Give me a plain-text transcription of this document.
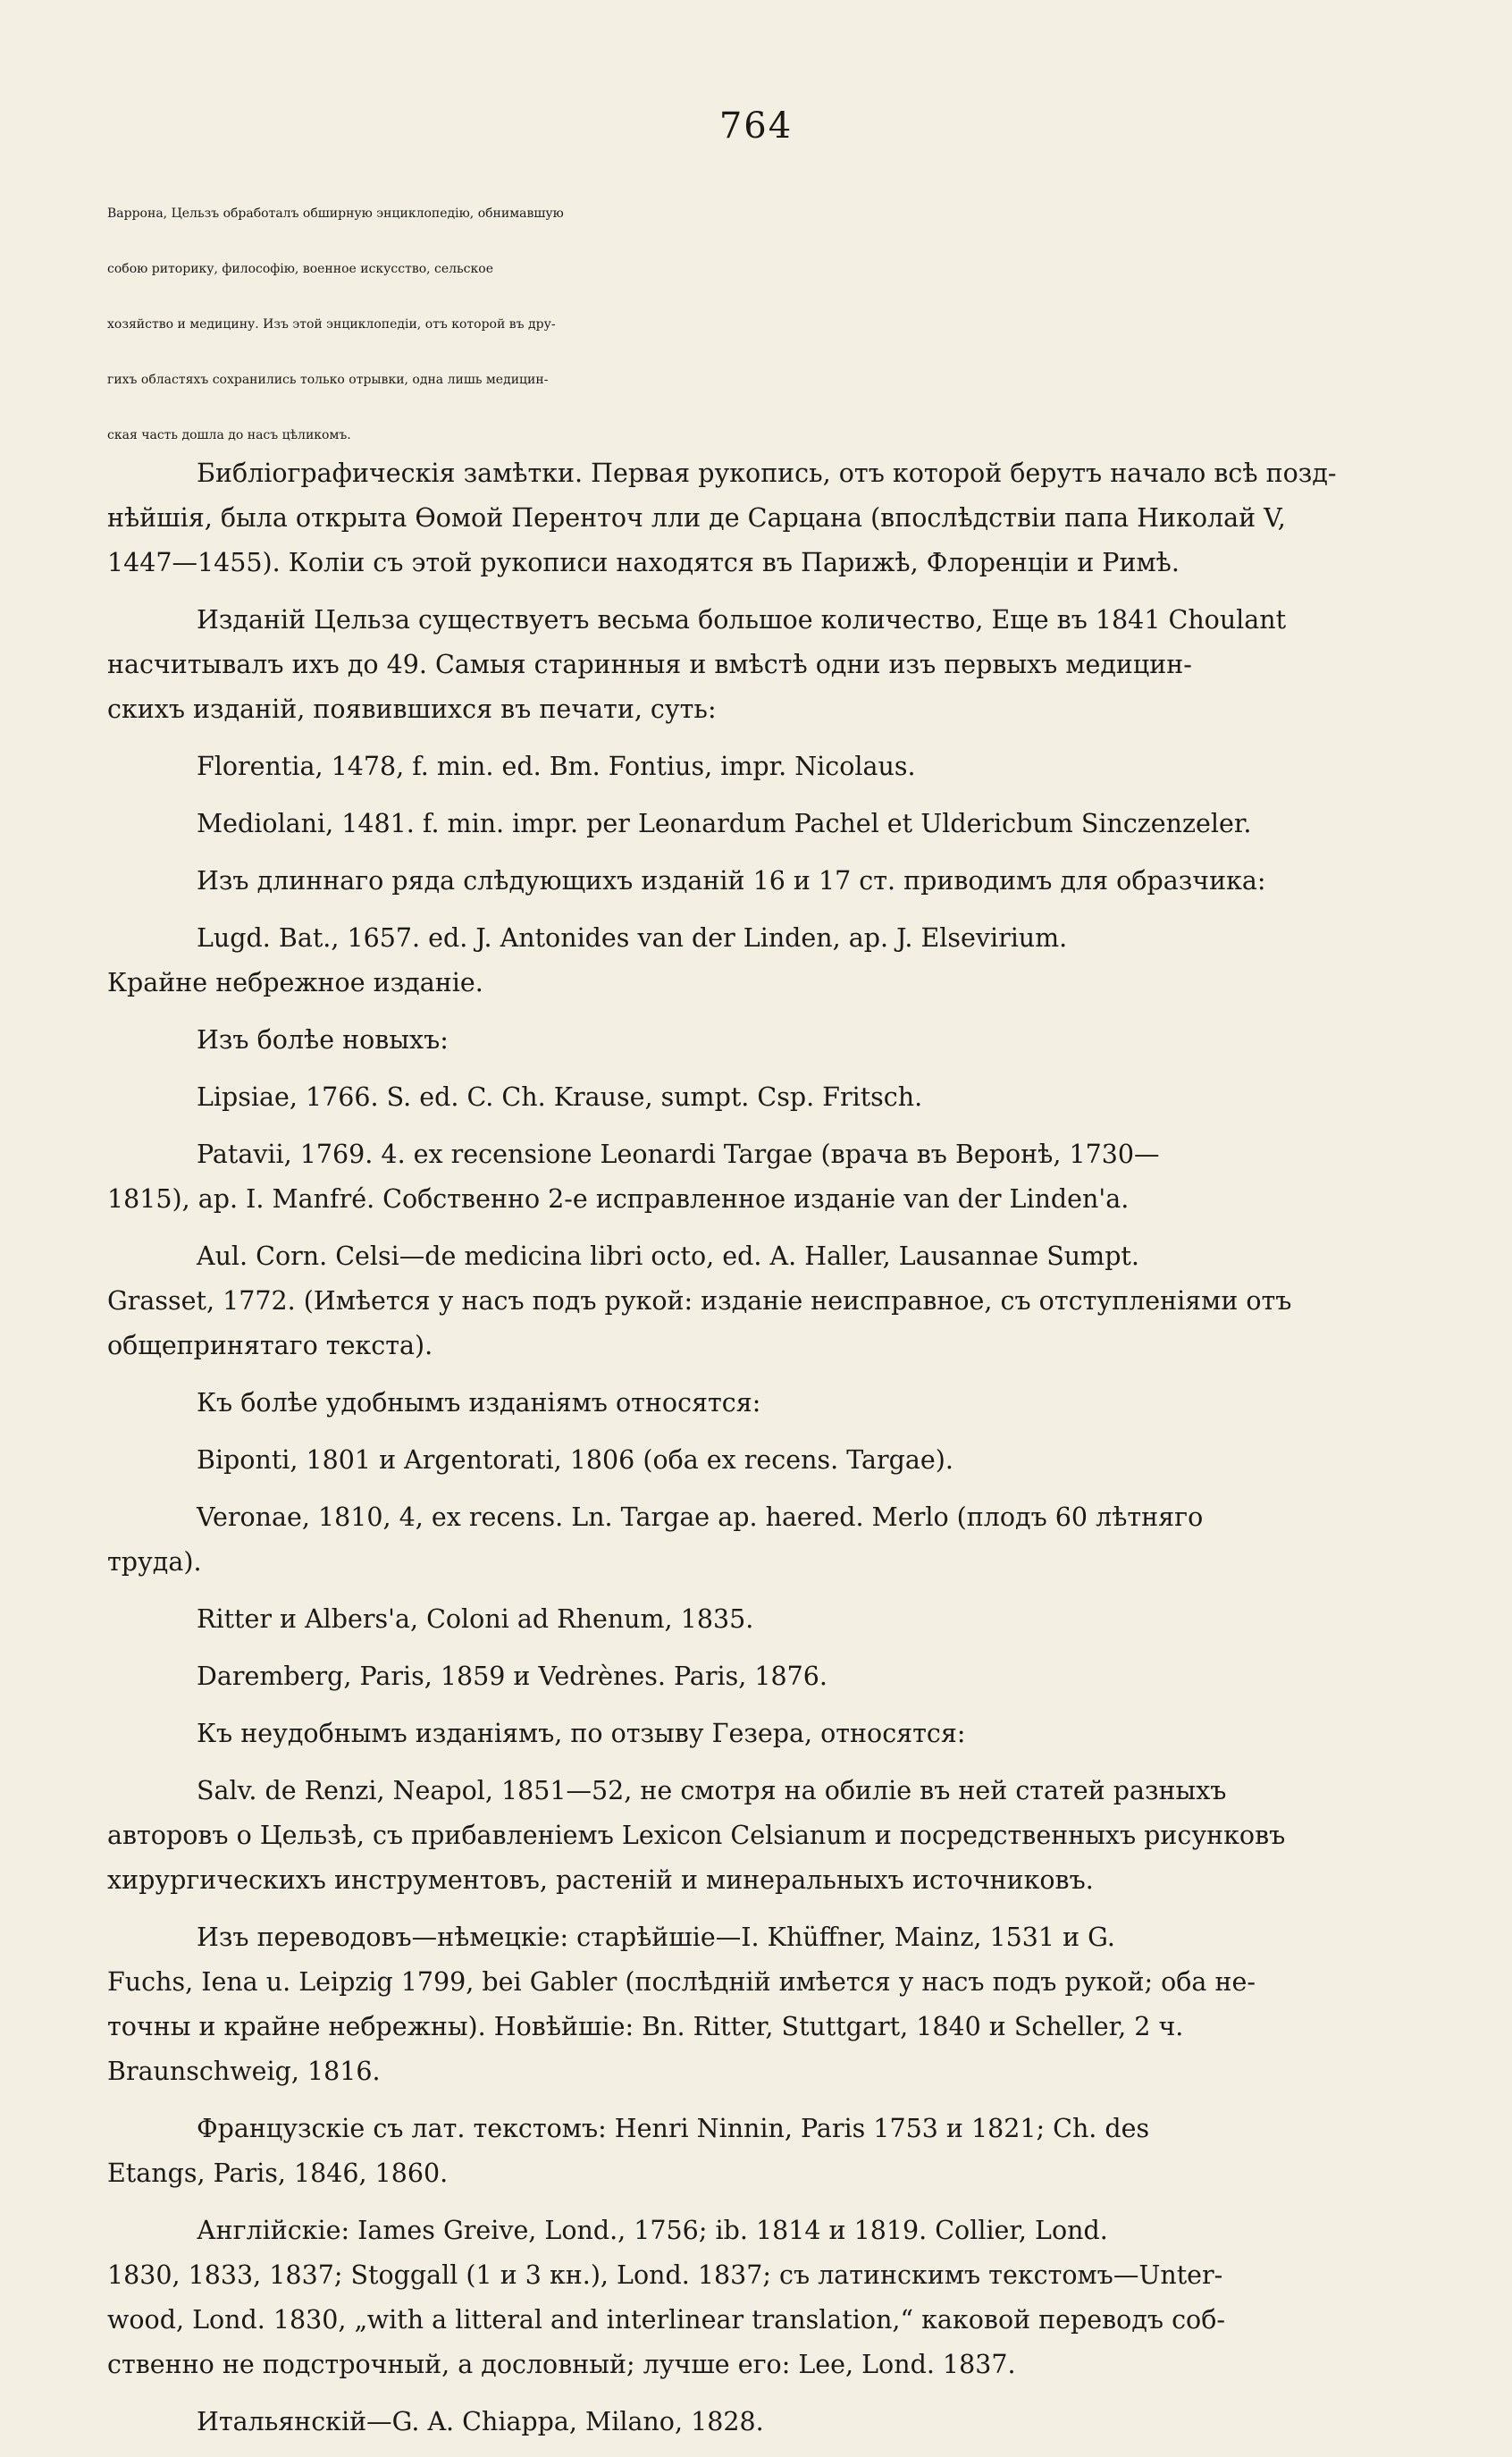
764
Варрона, Цельзъ обработалъ обширную энциклопедію, обнимавшую
собою риторику, философію, военное искусство, сельское
хозяйство и медицину. Изъ этой энциклопедіи, отъ которой въ дру-
гихъ областяхъ сохранились только отрывки, одна лишь медицин-
ская часть дошла до насъ цѣликомъ.

Библіографическія замѣтки. Первая рукопись, отъ которой берутъ начало всѣ позд-
нѣйшія, была открыта Ѳомой Перенточ лли де Сарцана (впослѣдствіи папа Николай V,
1447—1455). Коліи съ этой рукописи находятся въ Парижѣ, Флоренціи и Римѣ.

Изданій Цельза существуетъ весьма большое количество, Еще въ 1841 Choulant
насчитывалъ ихъ до 49. Самыя старинныя и вмѣстѣ одни изъ первыхъ медицин-
скихъ изданій, появившихся въ печати, суть:

Florentia, 1478, f. min. ed. Bm. Fontius, impr. Nicolaus.

Mediolani, 1481. f. min. impr. per Leonardum Pachel et Uldericbum Sinczenzeler.

Изъ длиннаго ряда слѣдующихъ изданій 16 и 17 ст. приводимъ для образчика:

Lugd. Bat., 1657. ed. J. Antonides van der Linden, ap. J. Elsevirium.
Крайне небрежное изданіе.

Изъ болѣе новыхъ:

Lipsiae, 1766. S. ed. C. Ch. Krause, sumpt. Csp. Fritsch.

Patavii, 1769. 4. ex recensione Leonardi Targae (врача въ Веронѣ, 1730—
1815), ap. I. Manfré. Собственно 2-е исправленное изданіе van der Linden'a.

Aul. Corn. Celsi—de medicina libri octo, ed. A. Haller, Lausannae Sumpt.
Grasset, 1772. (Имѣется у насъ подъ рукой: изданіе неисправное, съ отступленіями отъ
общепринятаго текста).

Къ болѣе удобнымъ изданіямъ относятся:

Biponti, 1801 и Argentorati, 1806 (оба ex recens. Targae).

Veronae, 1810, 4, ex recens. Ln. Targae ap. haered. Merlo (плодъ 60 лѣтняго
труда).

Ritter и Albers'a, Coloni ad Rhenum, 1835.

Daremberg, Paris, 1859 и Vedrènes. Paris, 1876.

Къ неудобнымъ изданіямъ, по отзыву Гезера, относятся:

Salv. de Renzi, Neapol, 1851—52, не смотря на обиліе въ ней статей разныхъ
авторовъ о Цельзѣ, съ прибавленіемъ Lexicon Celsianum и посредственныхъ рисунковъ
хирургическихъ инструментовъ, растеній и минеральныхъ источниковъ.

Изъ переводовъ—нѣмецкіе: старѣйшіе—I. Khüffner, Mainz, 1531 и G.
Fuchs, Iena u. Leipzig 1799, bei Gabler (послѣдній имѣется у насъ подъ рукой; оба не-
точны и крайне небрежны). Новѣйшіе: Bn. Ritter, Stuttgart, 1840 и Scheller, 2 ч.
Braunschweig, 1816.

Французскіе съ лат. текстомъ: Henri Ninnin, Paris 1753 и 1821; Ch. des
Etangs, Paris, 1846, 1860.

Англійскіе: Iames Greive, Lond., 1756; ib. 1814 и 1819. Collier, Lond.
1830, 1833, 1837; Stoggall (1 и 3 кн.), Lond. 1837; съ латинскимъ текстомъ—Unter-
wood, Lond. 1830, „with a litteral and interlinear translation,“ каковой переводъ соб-
ственно не подстрочный, а дословный; лучше его: Lee, Lond. 1837.

Итальянскій—G. A. Chiappa, Milano, 1828.
